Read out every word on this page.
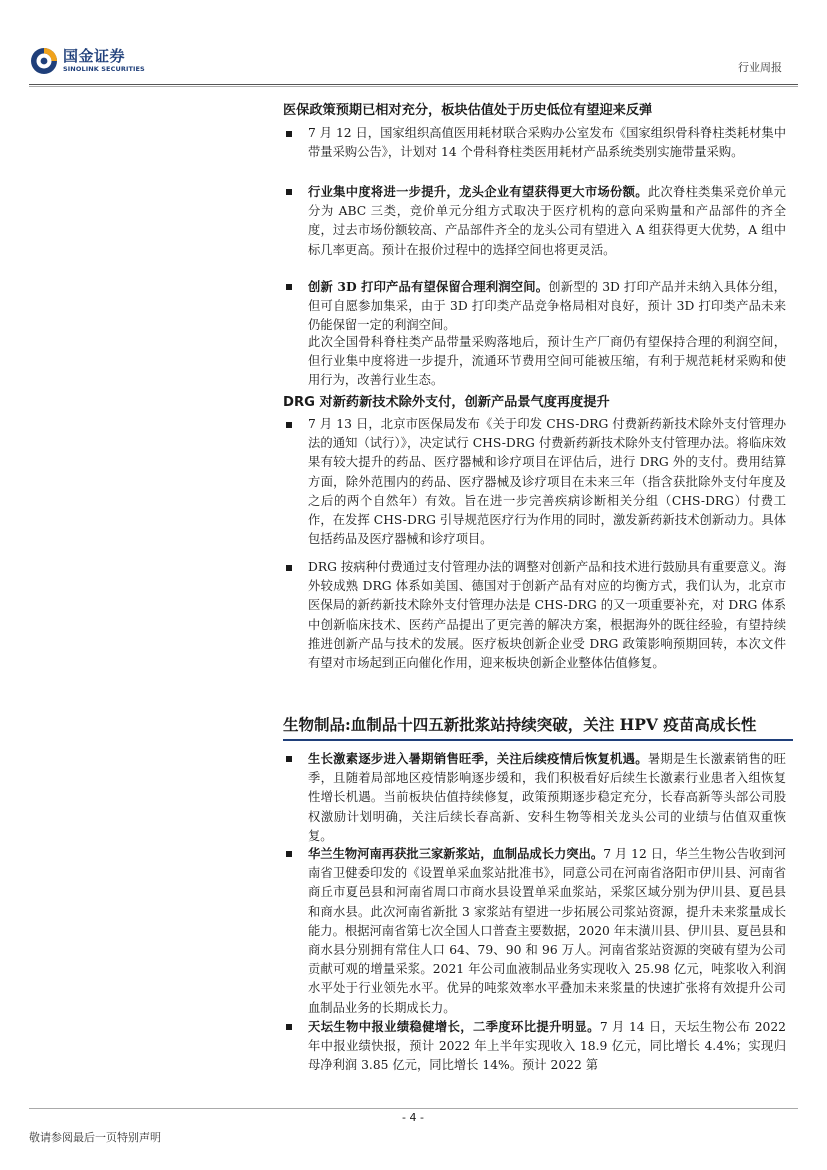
国金证券
SINOLINK SECURITIES	行业周报
医保政策预期已相对充分，板块估值处于历史低位有望迎来反弹
7 月 12 日，国家组织高值医用耗材联合采购办公室发布《国家组织骨科脊柱类耗材集中带量采购公告》，计划对 14 个骨科脊柱类医用耗材产品系统类别实施带量采购。
行业集中度将进一步提升，龙头企业有望获得更大市场份额。此次脊柱类集采竞价单元分为 ABC 三类，竞价单元分组方式取决于医疗机构的意向采购量和产品部件的齐全度，过去市场份额较高、产品部件齐全的龙头公司有望进入 A 组获得更大优势，A 组中标几率更高。预计在报价过程中的选择空间也将更灵活。
创新 3D 打印产品有望保留合理利润空间。创新型的 3D 打印产品并未纳入具体分组，但可自愿参加集采，由于 3D 打印类产品竞争格局相对良好，预计 3D 打印类产品未来仍能保留一定的利润空间。
此次全国骨科脊柱类产品带量采购落地后，预计生产厂商仍有望保持合理的利润空间，但行业集中度将进一步提升，流通环节费用空间可能被压缩，有利于规范耗材采购和使用行为，改善行业生态。
DRG 对新药新技术除外支付，创新产品景气度再度提升
7 月 13 日，北京市医保局发布《关于印发 CHS-DRG 付费新药新技术除外支付管理办法的通知（试行）》，决定试行 CHS-DRG 付费新药新技术除外支付管理办法。将临床效果有较大提升的药品、医疗器械和诊疗项目在评估后，进行 DRG 外的支付。费用结算方面，除外范围内的药品、医疗器械及诊疗项目在未来三年（指含获批除外支付年度及之后的两个自然年）有效。旨在进一步完善疾病诊断相关分组（CHS-DRG）付费工作，在发挥 CHS-DRG 引导规范医疗行为作用的同时，激发新药新技术创新动力。具体包括药品及医疗器械和诊疗项目。
DRG 按病种付费通过支付管理办法的调整对创新产品和技术进行鼓励具有重要意义。海外较成熟 DRG 体系如美国、德国对于创新产品有对应的均衡方式，我们认为，北京市医保局的新药新技术除外支付管理办法是 CHS-DRG 的又一项重要补充，对 DRG 体系中创新临床技术、医药产品提出了更完善的解决方案，根据海外的既往经验，有望持续推进创新产品与技术的发展。医疗板块创新企业受 DRG 政策影响预期回转，本次文件有望对市场起到正向催化作用，迎来板块创新企业整体估值修复。
生物制品:血制品十四五新批浆站持续突破，关注 HPV 疫苗高成长性
生长激素逐步进入暑期销售旺季，关注后续疫情后恢复机遇。暑期是生长激素销售的旺季，且随着局部地区疫情影响逐步缓和，我们积极看好后续生长激素行业患者入组恢复性增长机遇。当前板块估值持续修复，政策预期逐步稳定充分，长春高新等头部公司股权激励计划明确，关注后续长春高新、安科生物等相关龙头公司的业绩与估值双重恢复。
华兰生物河南再获批三家新浆站，血制品成长力突出。7 月 12 日，华兰生物公告收到河南省卫健委印发的《设置单采血浆站批准书》，同意公司在河南省洛阳市伊川县、河南省商丘市夏邑县和河南省周口市商水县设置单采血浆站，采浆区域分别为伊川县、夏邑县和商水县。此次河南省新批 3 家浆站有望进一步拓展公司浆站资源，提升未来浆量成长能力。根据河南省第七次全国人口普查主要数据，2020 年末潢川县、伊川县、夏邑县和商水县分别拥有常住人口 64、79、90 和 96 万人。河南省浆站资源的突破有望为公司贡献可观的增量采浆。2021 年公司血液制品业务实现收入 25.98 亿元，吨浆收入利润水平处于行业领先水平。优异的吨浆效率水平叠加未来浆量的快速扩张将有效提升公司血制品业务的长期成长力。
天坛生物中报业绩稳健增长，二季度环比提升明显。7 月 14 日，天坛生物公布 2022 年中报业绩快报，预计 2022 年上半年实现收入 18.9 亿元，同比增长 4.4%；实现归母净利润 3.85 亿元，同比增长 14%。预计 2022 第
- 4 -
敬请参阅最后一页特别声明
